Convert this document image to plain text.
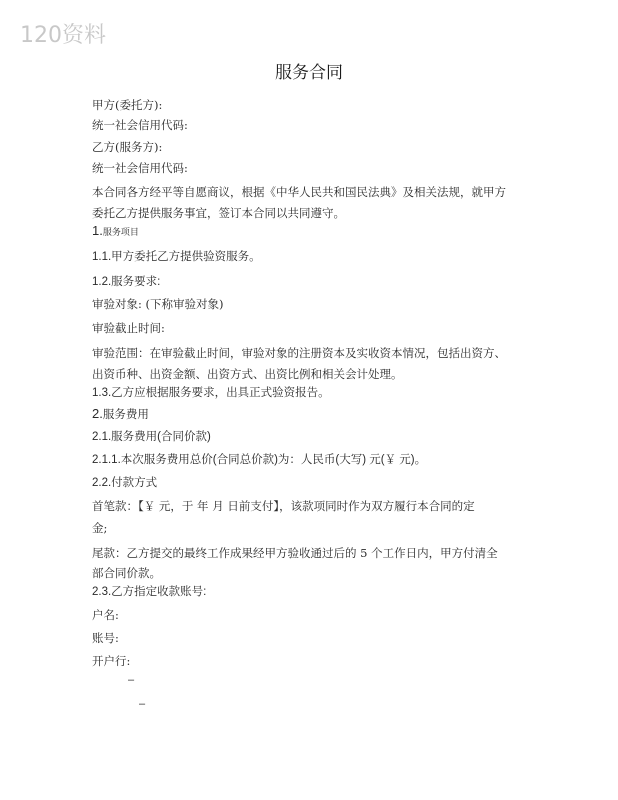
120资料
服务合同
甲方(委托方):
统一社会信用代码:
乙方(服务方):
统一社会信用代码:
本合同各方经平等自愿商议，根据《中华人民共和国民法典》及相关法规，就甲方
委托乙方提供服务事宜，签订本合同以共同遵守。
1.服务项目
1.1.甲方委托乙方提供验资服务。
1.2.服务要求:
审验对象: (下称审验对象)
审验截止时间:
审验范围：在审验截止时间，审验对象的注册资本及实收资本情况，包括出资方、
出资币种、出资金额、出资方式、出资比例和相关会计处理。
1.3.乙方应根据服务要求，出具正式验资报告。
2.服务费用
2.1.服务费用(合同价款)
2.1.1.本次服务费用总价(合同总价款)为：人民币(大写) 元(￥ 元)。
2.2.付款方式
首笔款：【￥ 元，于 年 月 日前支付】，该款项同时作为双方履行本合同的定
金;
尾款：乙方提交的最终工作成果经甲方验收通过后的 5 个工作日内，甲方付清全
部合同价款。
2.3.乙方指定收款账号:
户名:
账号:
开户行:
–
–
